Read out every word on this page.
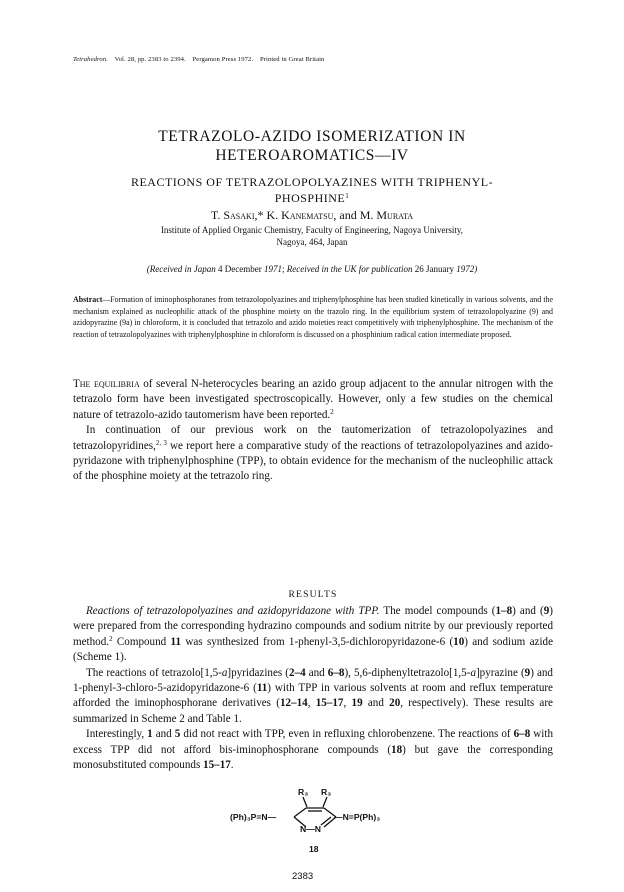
Tetrahedron. Vol. 28, pp. 2383 to 2394. Pergamon Press 1972. Printed in Great Britain
TETRAZOLO-AZIDO ISOMERIZATION IN
HETEROAROMATICS—IV
REACTIONS OF TETRAZOLOPOLYAZINES WITH TRIPHENYL-
PHOSPHINE$^1$
T. Sasaki,* K. Kanematsu, and M. Murata
Institute of Applied Organic Chemistry, Faculty of Engineering, Nagoya University,
Nagoya, 464, Japan
(Received in Japan 4 December 1971; Received in the UK for publication 26 January 1972)
Abstract—Formation of iminophosphoranes from tetrazolopolyazines and triphenylphosphine has been studied kinetically in various solvents, and the mechanism explained as nucleophilic attack of the phosphine moiety on the trazolo ring. In the equilibrium system of tetrazolopolyazine (9) and azidopyrazine (9a) in chloroform, it is concluded that tetrazolo and azido moieties react competitively with triphenylphosphine. The mechanism of the reaction of tetrazolopolyazines with triphenylphosphine in chloroform is discussed on a phosphinium radical cation intermediate proposed.

The equilibria of several N-heterocycles bearing an azido group adjacent to the annular nitrogen with the tetrazolo form have been investigated spectroscopically. However, only a few studies on the chemical nature of tetrazolo-azido tautomerism have been reported.$^2$

In continuation of our previous work on the tautomerization of tetrazolopolyazines and tetrazolopyridines,$^{2, 3}$ we report here a comparative study of the reactions of tetrazolopolyazines and azido-pyridazone with triphenylphosphine (TPP), to obtain evidence for the mechanism of the nucleophilic attack of the phosphine moiety at the tetrazolo ring.

RESULTS

Reactions of tetrazolopolyazines and azidopyridazone with TPP. The model compounds (1–8) and (9) were prepared from the corresponding hydrazino compounds and sodium nitrite by our previously reported method.$^2$ Compound 11 was synthesized from 1-phenyl-3,5-dichloropyridazone-6 (10) and sodium azide (Scheme 1).

The reactions of tetrazolo[1,5-a]pyridazines (2–4 and 6–8), 5,6-diphenyltetrazolo[1,5-a]pyrazine (9) and 1-phenyl-3-chloro-5-azidopyridazone-6 (11) with TPP in various solvents at room and reflux temperature afforded the iminophosphorane derivatives (12–14, 15–17, 19 and 20, respectively). These results are summarized in Scheme 2 and Table 1.

Interestingly, 1 and 5 did not react with TPP, even in refluxing chlorobenzene. The reactions of 6–8 with excess TPP did not afford bis-iminophosphorane compounds (18) but gave the corresponding monosubstituted compounds 15–17.

R₃ R₃
(Ph)₃P=N—	—N=P(Ph)₃
N—N
18
2383
